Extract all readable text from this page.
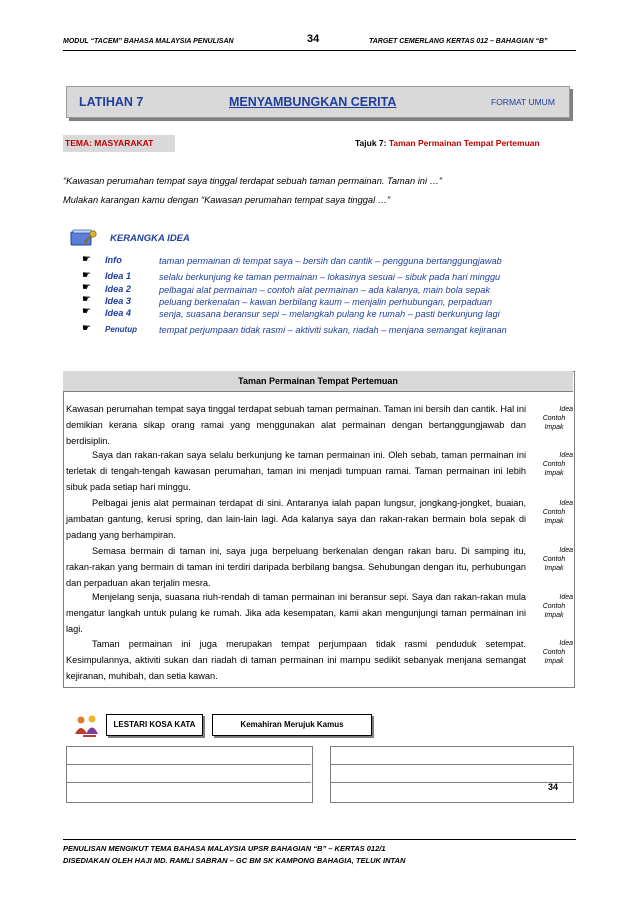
MODUL “TACEM” BAHASA MALAYSIA PENULISAN	34	TARGET CEMERLANG KERTAS 012 – BAHAGIAN “B”
LATIHAN 7	MENYAMBUNGKAN CERITA	FORMAT UMUM
TEMA: MASYARAKAT	Tajuk 7: Taman Permainan Tempat Pertemuan
“Kawasan perumahan tempat saya tinggal terdapat sebuah taman permainan. Taman ini …”
Mulakan karangan kamu dengan “Kawasan perumahan tempat saya tinggal …”
KERANGKA IDEA
☛ Info	taman permainan di tempat saya – bersih dan cantik – pengguna bertanggungjawab
☛ Idea 1	selalu berkunjung ke taman permainan – lokasinya sesuai – sibuk pada hari minggu
☛ Idea 2	pelbagai alat permainan – contoh alat permainan – ada kalanya, main bola sepak
☛ Idea 3	peluang berkenalan – kawan berbilang kaum – menjalin perhubungan, perpaduan
☛ Idea 4	senja, suasana beransur sepi – melangkah pulang ke rumah – pasti berkunjung lagi
☛ Penutup tempat perjumpaan tidak rasmi – aktiviti sukan, riadah – menjana semangat kejiranan
Taman Permainan Tempat Pertemuan
Kawasan perumahan tempat saya tinggal terdapat sebuah taman permainan. Taman ini bersih dan cantik. Hal ini demikian kerana sikap orang ramai yang menggunakan alat permainan dengan bertanggungjawab dan berdisiplin.
Saya dan rakan-rakan saya selalu berkunjung ke taman permainan ini. Oleh sebab, taman permainan ini terletak di tengah-tengah kawasan perumahan, taman ini menjadi tumpuan ramai. Taman permainan ini lebih sibuk pada setiap hari minggu.
Pelbagai jenis alat permainan terdapat di sini. Antaranya ialah papan lungsur, jongkang-jongket, buaian, jambatan gantung, kerusi spring, dan lain-lain lagi. Ada kalanya saya dan rakan-rakan bermain bola sepak di padang yang berhampiran.
Semasa bermain di taman ini, saya juga berpeluang berkenalan dengan rakan baru. Di samping itu, rakan-rakan yang bermain di taman ini terdiri daripada berbilang bangsa. Sehubungan dengan itu, perhubungan dan perpaduan akan terjalin mesra.
Menjelang senja, suasana riuh-rendah di taman permainan ini beransur sepi. Saya dan rakan-rakan mula mengatur langkah untuk pulang ke rumah. Jika ada kesempatan, kami akan mengunjungi taman permainan ini lagi.
Taman permainan ini juga merupakan tempat perjumpaan tidak rasmi penduduk setempat. Kesimpulannya, aktiviti sukan dan riadah di taman permainan ini mampu sedikit sebanyak menjana semangat kejiranan, muhibah, dan setia kawan.
Idea
Contoh
Impak
Idea
Contoh
Impak
Idea
Contoh
Impak
Idea
Contoh
Impak
Idea
Contoh
Impak
Idea
Contoh
Impak
LESTARI KOSA KATA	Kemahiran Merujuk Kamus
34
PENULISAN MENGIKUT TEMA BAHASA MALAYSIA UPSR BAHAGIAN “B” – KERTAS 012/1
DISEDIAKAN OLEH HAJI MD. RAMLI SABRAN – GC BM SK KAMPONG BAHAGIA, TELUK INTAN
